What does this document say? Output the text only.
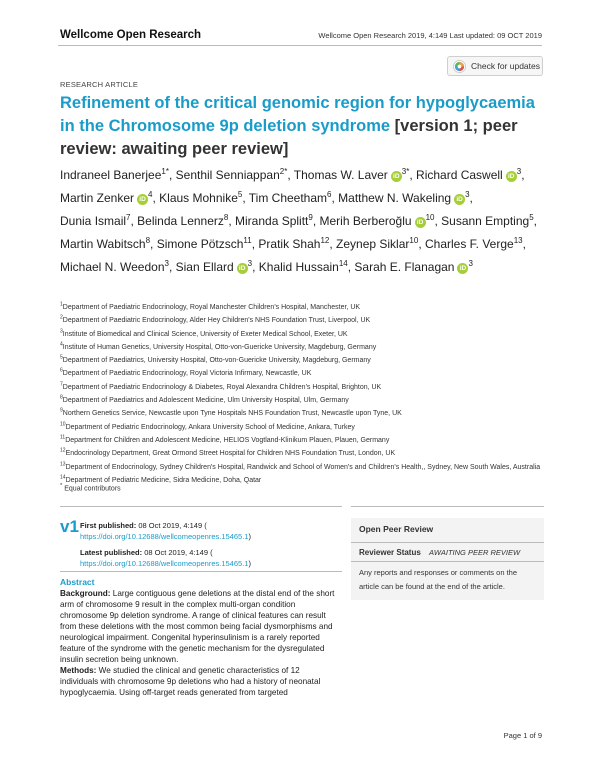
Wellcome Open Research	Wellcome Open Research 2019, 4:149 Last updated: 09 OCT 2019
Check for updates
RESEARCH ARTICLE
Refinement of the critical genomic region for hypoglycaemia in the Chromosome 9p deletion syndrome [version 1; peer review: awaiting peer review]
Indraneel Banerjee$^{1*}$, Senthil Senniappan$^{2*}$, Thomas W. Laver $iD^{3*}$, Richard Caswell $iD^3$, Martin Zenker $iD^4$, Klaus Mohnike$^5$, Tim Cheetham$^6$, Matthew N. Wakeling $iD^3$, Dunia Ismail$^7$, Belinda Lennerz$^8$, Miranda Splitt$^9$, Merih Berberoğlu $iD^{10}$, Susann Empting$^5$, Martin Wabitsch$^8$, Simone Pötzsch$^{11}$, Pratik Shah$^{12}$, Zeynep Siklar$^{10}$, Charles F. Verge$^{13}$, Michael N. Weedon$^3$, Sian Ellard $iD^3$, Khalid Hussain$^{14}$, Sarah E. Flanagan $iD^3$
$^1$Department of Paediatric Endocrinology, Royal Manchester Children's Hospital, Manchester, UK
$^2$Department of Paediatric Endocrinology, Alder Hey Children's NHS Foundation Trust, Liverpool, UK
$^3$Institute of Biomedical and Clinical Science, University of Exeter Medical School, Exeter, UK
$^4$Institute of Human Genetics, University Hospital, Otto-von-Guericke University, Magdeburg, Germany
$^5$Department of Paediatrics, University Hospital, Otto-von-Guericke University, Magdeburg, Germany
$^6$Department of Paediatric Endocrinology, Royal Victoria Infirmary, Newcastle, UK
$^7$Department of Paediatric Endocrinology & Diabetes, Royal Alexandra Children's Hospital, Brighton, UK
$^8$Department of Paediatrics and Adolescent Medicine, Ulm University Hospital, Ulm, Germany
$^9$Northern Genetics Service, Newcastle upon Tyne Hospitals NHS Foundation Trust, Newcastle upon Tyne, UK
$^{10}$Department of Pediatric Endocrinology, Ankara University School of Medicine, Ankara, Turkey
$^{11}$Department for Children and Adolescent Medicine, HELIOS Vogtland-Klinikum Plauen, Plauen, Germany
$^{12}$Endocrinology Department, Great Ormond Street Hospital for Children NHS Foundation Trust, London, UK
$^{13}$Department of Endocrinology, Sydney Children's Hospital, Randwick and School of Women's and Children's Health,, Sydney, New South Wales, Australia
$^{14}$Department of Pediatric Medicine, Sidra Medicine, Doha, Qatar
* Equal contributors
v1 First published: 08 Oct 2019, 4:149 (
https://doi.org/10.12688/wellcomeopenres.15465.1)
Latest published: 08 Oct 2019, 4:149 (
https://doi.org/10.12688/wellcomeopenres.15465.1)
Abstract
Background: Large contiguous gene deletions at the distal end of the short arm of chromosome 9 result in the complex multi-organ condition chromosome 9p deletion syndrome. A range of clinical features can result from these deletions with the most common being facial dysmorphisms and neurological impairment. Congenital hyperinsulinism is a rarely reported feature of the syndrome with the genetic mechanism for the dysregulated insulin secretion being unknown.
Methods: We studied the clinical and genetic characteristics of 12 individuals with chromosome 9p deletions who had a history of neonatal hypoglycaemia. Using off-target reads generated from targeted
Open Peer Review
Reviewer Status AWAITING PEER REVIEW
Any reports and responses or comments on the article can be found at the end of the article.
Page 1 of 9
